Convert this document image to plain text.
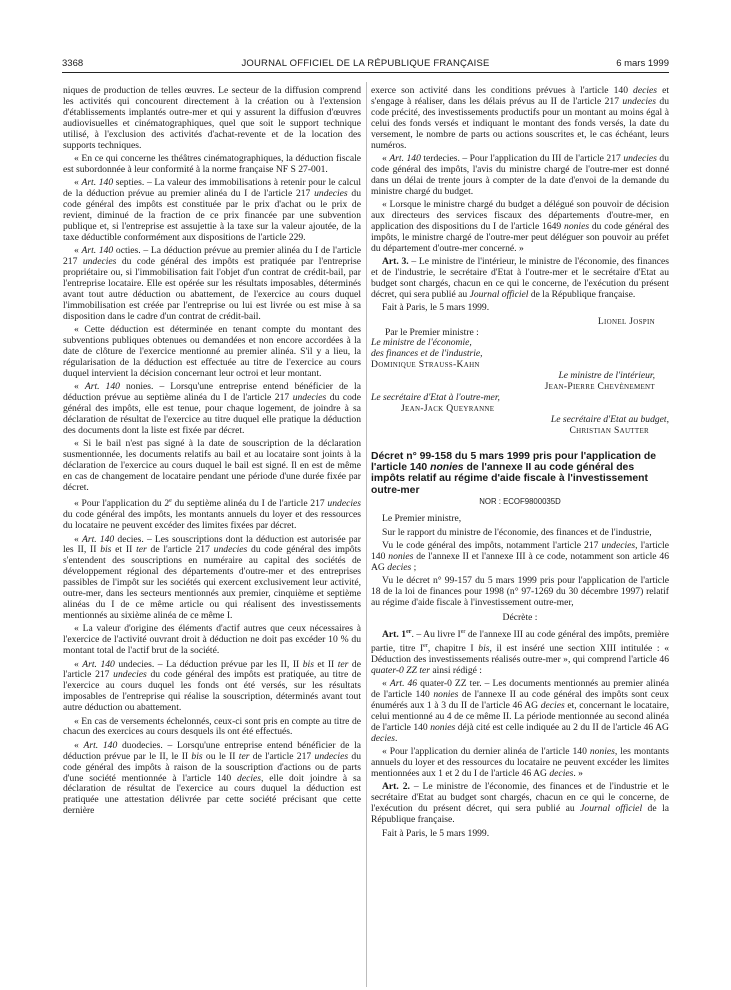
3368	JOURNAL OFFICIEL DE LA RÉPUBLIQUE FRANÇAISE	6 mars 1999

niques de production de telles œuvres. Le secteur de la diffusion comprend les activités qui concourent directement à la création ou à l'extension d'établissements implantés outre-mer et qui y assurent la diffusion d'œuvres audiovisuelles et cinématographiques, quel que soit le support technique utilisé, à l'exclusion des activités d'achat-revente et de la location des supports techniques.

« En ce qui concerne les théâtres cinématographiques, la déduction fiscale est subordonnée à leur conformité à la norme française NF S 27-001.

« Art. 140 septies. – La valeur des immobilisations à retenir pour le calcul de la déduction prévue au premier alinéa du I de l'article 217 undecies du code général des impôts est constituée par le prix d'achat ou le prix de revient, diminué de la fraction de ce prix financée par une subvention publique et, si l'entreprise est assujettie à la taxe sur la valeur ajoutée, de la taxe déductible conformément aux dispositions de l'article 229.

« Art. 140 octies. – La déduction prévue au premier alinéa du I de l'article 217 undecies du code général des impôts est pratiquée par l'entreprise propriétaire ou, si l'immobilisation fait l'objet d'un contrat de crédit-bail, par l'entreprise locataire. Elle est opérée sur les résultats imposables, déterminés avant tout autre déduction ou abattement, de l'exercice au cours duquel l'immobilisation est créée par l'entreprise ou lui est livrée ou est mise à sa disposition dans le cadre d'un contrat de crédit-bail.

« Cette déduction est déterminée en tenant compte du montant des subventions publiques obtenues ou demandées et non encore accordées à la date de clôture de l'exercice mentionné au premier alinéa. S'il y a lieu, la régularisation de la déduction est effectuée au titre de l'exercice au cours duquel intervient la décision concernant leur octroi et leur montant.

« Art. 140 nonies. – Lorsqu'une entreprise entend bénéficier de la déduction prévue au septième alinéa du I de l'article 217 undecies du code général des impôts, elle est tenue, pour chaque logement, de joindre à sa déclaration de résultat de l'exercice au titre duquel elle pratique la déduction des documents dont la liste est fixée par décret.

« Si le bail n'est pas signé à la date de souscription de la déclaration susmentionnée, les documents relatifs au bail et au locataire sont joints à la déclaration de l'exercice au cours duquel le bail est signé. Il en est de même en cas de changement de locataire pendant une période d'une durée fixée par décret.

« Pour l'application du 2e du septième alinéa du I de l'article 217 undecies du code général des impôts, les montants annuels du loyer et des ressources du locataire ne peuvent excéder des limites fixées par décret.

« Art. 140 decies. – Les souscriptions dont la déduction est autorisée par les II, II bis et II ter de l'article 217 undecies du code général des impôts s'entendent des souscriptions en numéraire au capital des sociétés de développement régional des départements d'outre-mer et des entreprises passibles de l'impôt sur les sociétés qui exercent exclusivement leur activité, outre-mer, dans les secteurs mentionnés aux premier, cinquième et septième alinéas du I de ce même article ou qui réalisent des investissements mentionnés au sixième alinéa de ce même I.

« La valeur d'origine des éléments d'actif autres que ceux nécessaires à l'exercice de l'activité ouvrant droit à déduction ne doit pas excéder 10 % du montant total de l'actif brut de la société.

« Art. 140 undecies. – La déduction prévue par les II, II bis et II ter de l'article 217 undecies du code général des impôts est pratiquée, au titre de l'exercice au cours duquel les fonds ont été versés, sur les résultats imposables de l'entreprise qui réalise la souscription, déterminés avant tout autre déduction ou abattement.

« En cas de versements échelonnés, ceux-ci sont pris en compte au titre de chacun des exercices au cours desquels ils ont été effectués.

« Art. 140 duodecies. – Lorsqu'une entreprise entend bénéficier de la déduction prévue par le II, le II bis ou le II ter de l'article 217 undecies du code général des impôts à raison de la souscription d'actions ou de parts d'une société mentionnée à l'article 140 decies, elle doit joindre à sa déclaration de résultat de l'exercice au cours duquel la déduction est pratiquée une attestation délivrée par cette société précisant que cette dernière

exerce son activité dans les conditions prévues à l'article 140 decies et s'engage à réaliser, dans les délais prévus au II de l'article 217 undecies du code précité, des investissements productifs pour un montant au moins égal à celui des fonds versés et indiquant le montant des fonds versés, la date du versement, le nombre de parts ou actions souscrites et, le cas échéant, leurs numéros.

« Art. 140 terdecies. – Pour l'application du III de l'article 217 undecies du code général des impôts, l'avis du ministre chargé de l'outre-mer est donné dans un délai de trente jours à compter de la date d'envoi de la demande du ministre chargé du budget.

« Lorsque le ministre chargé du budget a délégué son pouvoir de décision aux directeurs des services fiscaux des départements d'outre-mer, en application des dispositions du I de l'article 1649 nonies du code général des impôts, le ministre chargé de l'outre-mer peut déléguer son pouvoir au préfet du département d'outre-mer concerné. »

Art. 3. – Le ministre de l'intérieur, le ministre de l'économie, des finances et de l'industrie, le secrétaire d'Etat à l'outre-mer et le secrétaire d'Etat au budget sont chargés, chacun en ce qui le concerne, de l'exécution du présent décret, qui sera publié au Journal officiel de la République française.

Fait à Paris, le 5 mars 1999.

Lionel Jospin

Par le Premier ministre :

Le ministre de l'économie,

des finances et de l'industrie,

Dominique Strauss-Kahn

Le ministre de l'intérieur,

Jean-Pierre Chevènement

Le secrétaire d'Etat à l'outre-mer,

Jean-Jack Queyranne

Le secrétaire d'Etat au budget,

Christian Sautter

Décret n° 99-158 du 5 mars 1999 pris pour l'application de l'article 140 nonies de l'annexe II au code général des impôts relatif au régime d'aide fiscale à l'investissement outre-mer

NOR : ECOF9800035D

Le Premier ministre,

Sur le rapport du ministre de l'économie, des finances et de l'industrie,

Vu le code général des impôts, notamment l'article 217 undecies, l'article 140 nonies de l'annexe II et l'annexe III à ce code, notamment son article 46 AG decies ;

Vu le décret n° 99-157 du 5 mars 1999 pris pour l'application de l'article 18 de la loi de finances pour 1998 (n° 97-1269 du 30 décembre 1997) relatif au régime d'aide fiscale à l'investissement outre-mer,

Décrète :

Art. 1er. – Au livre Ier de l'annexe III au code général des impôts, première partie, titre Ier, chapitre I bis, il est inséré une section XIII intitulée : « Déduction des investissements réalisés outre-mer », qui comprend l'article 46 quater-0 ZZ ter ainsi rédigé :

« Art. 46 quater-0 ZZ ter. – Les documents mentionnés au premier alinéa de l'article 140 nonies de l'annexe II au code général des impôts sont ceux énumérés aux 1 à 3 du II de l'article 46 AG decies et, concernant le locataire, celui mentionné au 4 de ce même II. La période mentionnée au second alinéa de l'article 140 nonies déjà cité est celle indiquée au 2 du II de l'article 46 AG decies.

« Pour l'application du dernier alinéa de l'article 140 nonies, les montants annuels du loyer et des ressources du locataire ne peuvent excéder les limites mentionnées aux 1 et 2 du I de l'article 46 AG decies. »

Art. 2. – Le ministre de l'économie, des finances et de l'industrie et le secrétaire d'Etat au budget sont chargés, chacun en ce qui le concerne, de l'exécution du présent décret, qui sera publié au Journal officiel de la République française.

Fait à Paris, le 5 mars 1999.
